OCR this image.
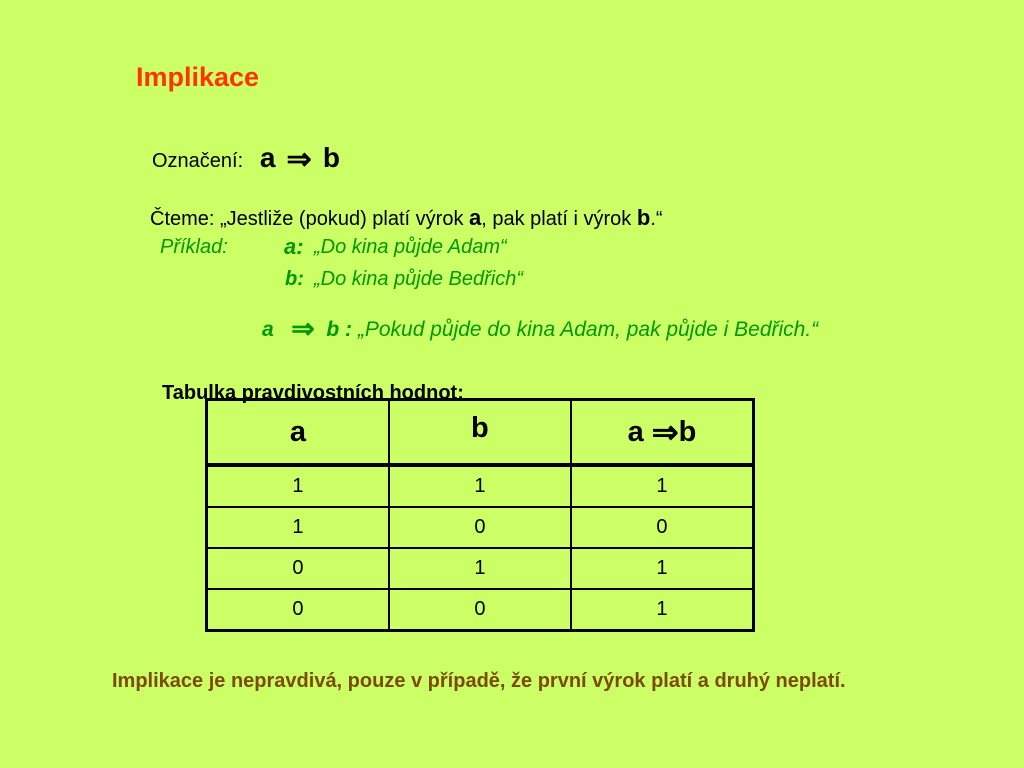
Implikace
Označení: a ⇒ b
Čteme: „Jestliže (pokud) platí výrok a, pak platí i výrok b.“
Příklad:	a: „Do kina půjde Adam“
b: „Do kina půjde Bedřich“
a ⇒ b : „Pokud půjde do kina Adam, pak půjde i Bedřich.“
a	b	a ⇒b
1	1	1
1	0	0
0	1	1
0	0	1
Tabulka pravdivostních hodnot:
Implikace je nepravdivá, pouze v případě, že první výrok platí a druhý neplatí.
